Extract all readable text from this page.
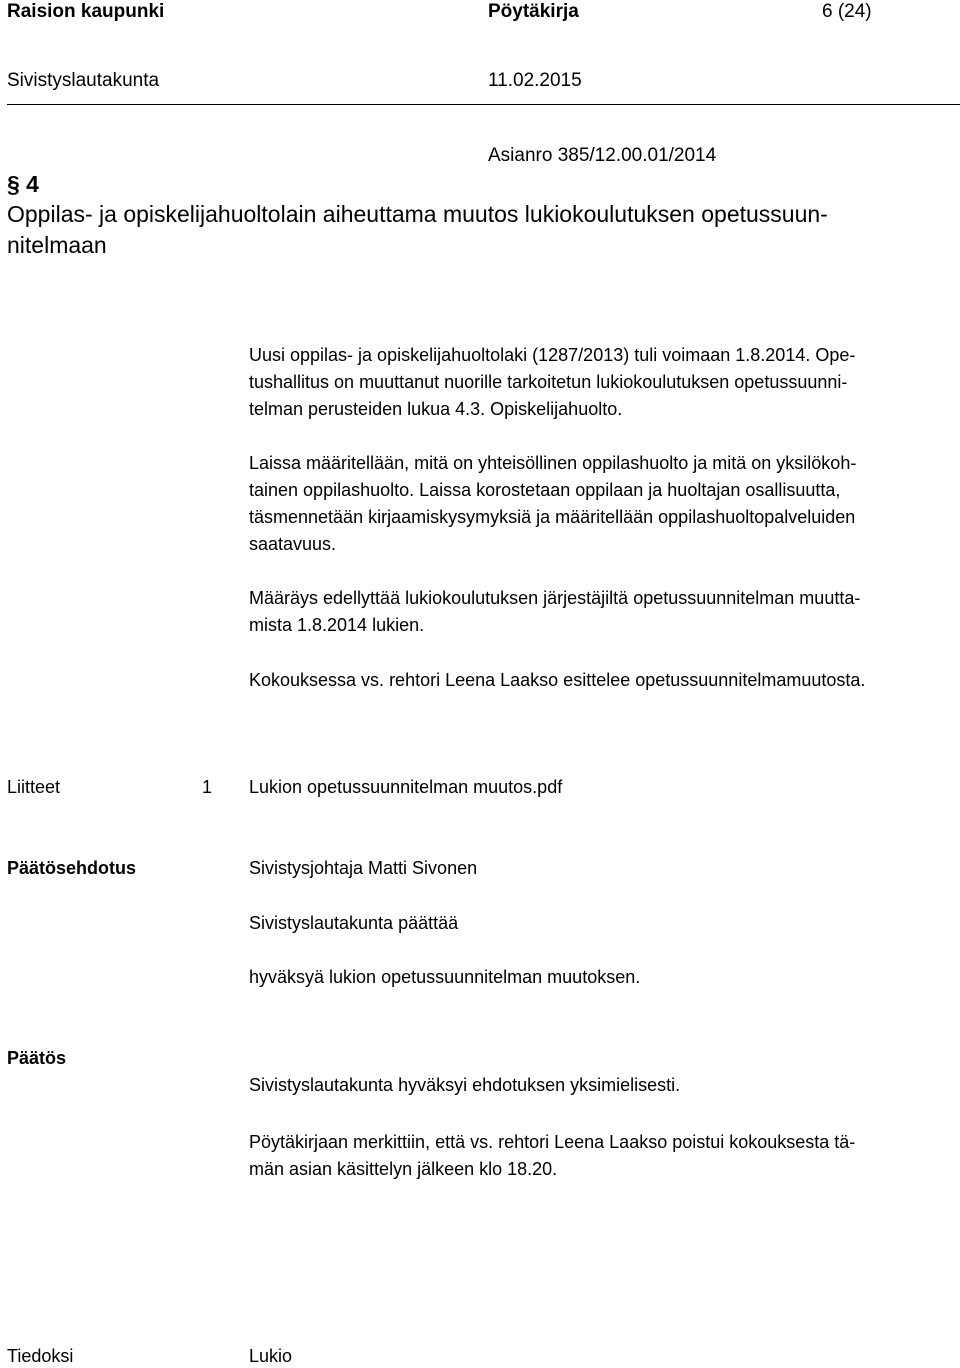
Raision kaupunki	Pöytäkirja	6 (24)
Sivistyslautakunta	11.02.2015
Asianro 385/12.00.01/2014
§ 4
Oppilas- ja opiskelijahuoltolain aiheuttama muutos lukiokoulutuksen opetussuun-
nitelmaan
Uusi oppilas- ja opiskelijahuoltolaki (1287/2013) tuli voimaan 1.8.2014. Ope-
tushallitus on muuttanut nuorille tarkoitetun lukiokoulutuksen opetussuunni-
telman perusteiden lukua 4.3. Opiskelijahuolto.
Laissa määritellään, mitä on yhteisöllinen oppilashuolto ja mitä on yksilökoh-
tainen oppilashuolto. Laissa korostetaan oppilaan ja huoltajan osallisuutta,
täsmennetään kirjaamiskysymyksiä ja määritellään oppilashuoltopalveluiden
saatavuus.
Määräys edellyttää lukiokoulutuksen järjestäjiltä opetussuunnitelman muutta-
mista 1.8.2014 lukien.
Kokouksessa vs. rehtori Leena Laakso esittelee opetussuunnitelmamuutosta.
Liitteet	1 Lukion opetussuunnitelman muutos.pdf
Päätösehdotus	Sivistysjohtaja Matti Sivonen
Sivistyslautakunta päättää
hyväksyä lukion opetussuunnitelman muutoksen.
Päätös
Sivistyslautakunta hyväksyi ehdotuksen yksimielisesti.
Pöytäkirjaan merkittiin, että vs. rehtori Leena Laakso poistui kokouksesta tä-
män asian käsittelyn jälkeen klo 18.20.
Tiedoksi	Lukio
